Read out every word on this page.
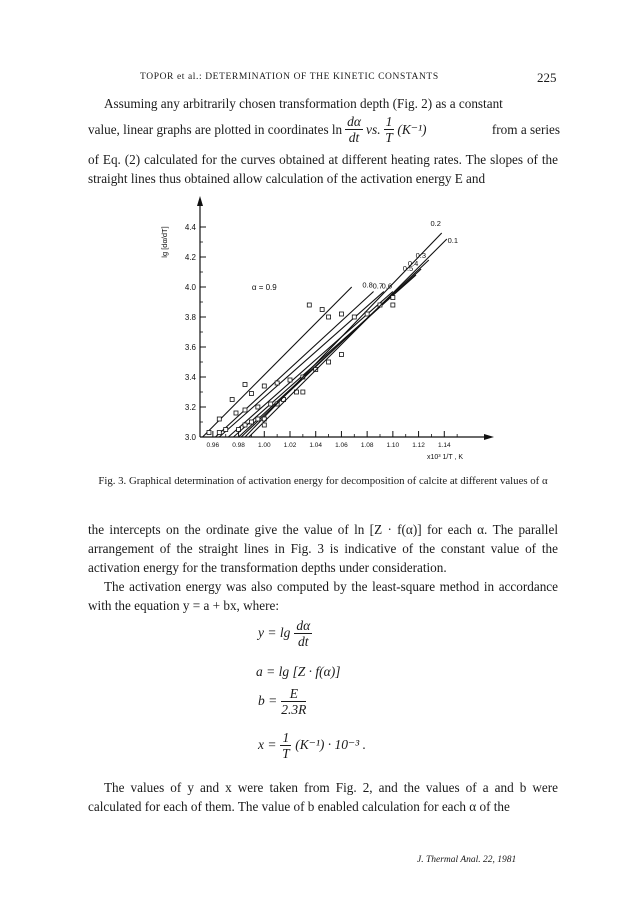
TOPOR et al.: DETERMINATION OF THE KINETIC CONSTANTS	225

Assuming any arbitrarily chosen transformation depth (Fig. 2) as a constant

value, linear graphs are plotted in coordinates $\ln \frac{d\alpha}{dt}$ vs. $\frac{1}{T} (K^{-1})$	from a series

of Eq. (2) calculated for the curves obtained at different heating rates. The slopes of the straight lines thus obtained allow calculation of the activation energy E and

3.0
3.2
3.4
3.6
3.8
4.0
4.2
4.4
0.96 0.98 1.00 1.02 1.04 1.06 1.08 1.10 1.12 1.14
lg [dα/dT]
x10³ 1/T , K
α = 0.9	0.8 0.7
0.6
0.5
0.4
0.3
0.2
0.1
Fig. 3. Graphical determination of activation energy for decomposition of calcite at different values of α

the intercepts on the ordinate give the value of ln [Z · f(α)] for each α. The parallel arrangement of the straight lines in Fig. 3 is indicative of the constant value of the activation energy for the transformation depths under consideration.

The activation energy was also computed by the least-square method in accordance with the equation y = a + bx, where:

$y = \lg \frac{d\alpha}{dt}$
a = lg [Z · f(α)]
$b = \frac{E}{2.3R}$
$x = \frac{1}{T} (K^{-1}) \cdot 10^{-3}$ .

The values of y and x were taken from Fig. 2, and the values of a and b were calculated for each of them. The value of b enabled calculation for each α of the

J. Thermal Anal. 22, 1981
